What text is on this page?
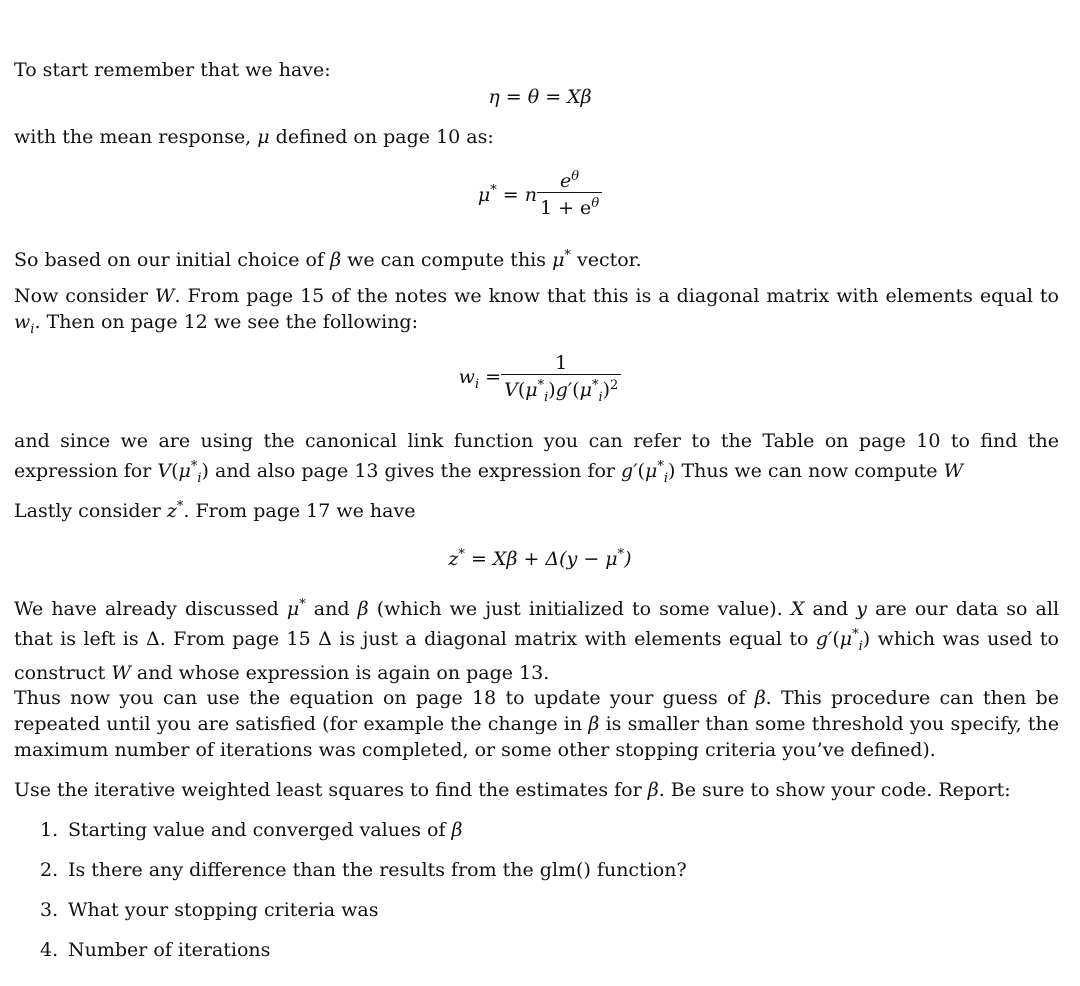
To start remember that we have:

η = θ = Xβ

with the mean response, μ defined on page 10 as:

μ* = n $\frac{e^\theta}{1 + e^\theta}$

So based on our initial choice of β we can compute this μ* vector.

Now consider W. From page 15 of the notes we know that this is a diagonal matrix with elements equal to $w_i$. Then on page 12 we see the following:

$w_i = \frac{1}{V(\mu^*_i)g'(\mu^*_i)^2}$

and since we are using the canonical link function you can refer to the Table on page 10 to find the expression for $V(\mu^*_i)$ and also page 13 gives the expression for $g'(\mu^*_i)$ Thus we can now compute W

Lastly consider z*. From page 17 we have

z* = Xβ + Δ(y − μ*)

We have already discussed μ* and β (which we just initialized to some value). X and y are our data so all that is left is Δ. From page 15 Δ is just a diagonal matrix with elements equal to $g'(\mu^*_i)$ which was used to construct W and whose expression is again on page 13.

Thus now you can use the equation on page 18 to update your guess of β. This procedure can then be repeated until you are satisfied (for example the change in β is smaller than some threshold you specify, the maximum number of iterations was completed, or some other stopping criteria you’ve defined).

Use the iterative weighted least squares to find the estimates for β. Be sure to show your code. Report:

1. Starting value and converged values of β
2. Is there any difference than the results from the glm() function?
3. What your stopping criteria was
4. Number of iterations
